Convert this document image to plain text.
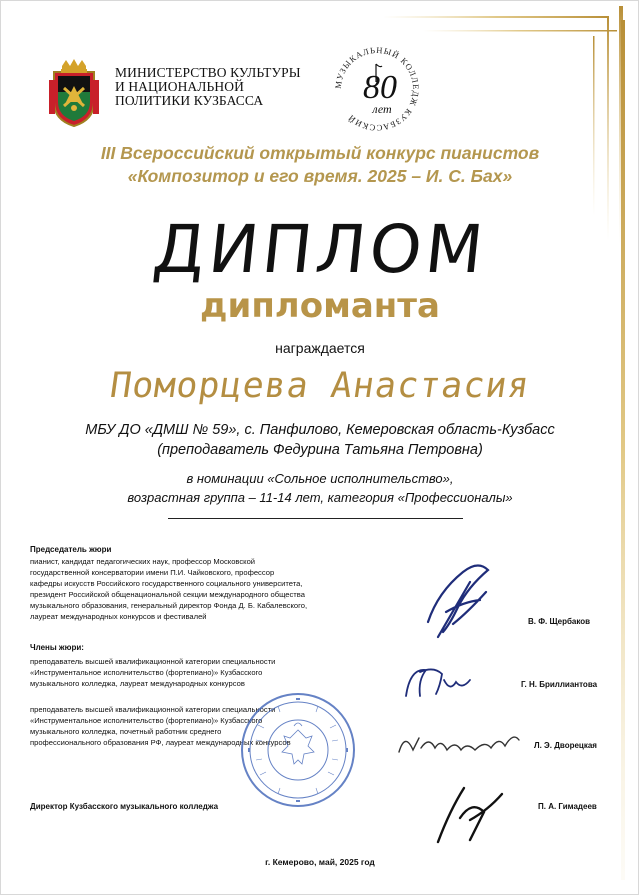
МИНИСТЕРСТВО КУЛЬТУРЫ
И НАЦИОНАЛЬНОЙ
ПОЛИТИКИ КУЗБАССА
МУЗЫКАЛЬНЫЙ КОЛЛЕДЖ КУЗБАССКИЙ
80
лет
III Всероссийский открытый конкурс пианистов
«Композитор и его время. 2025 – И. С. Бах»
ДИПЛОМ
дипломанта
награждается
Поморцева Анастасия
МБУ ДО «ДМШ № 59», с. Панфилово, Кемеровская область-Кузбасс
(преподаватель Федурина Татьяна Петровна)
в номинации «Сольное исполнительство»,
возрастная группа – 11-14 лет, категория «Профессионалы»
Председатель жюри
пианист, кандидат педагогических наук, профессор Московской
государственной консерватории имени П.И. Чайковского, профессор
кафедры искусств Российского государственного социального университета,
президент Российской общенациональной секции международного общества
музыкального образования, генеральный директор Фонда Д. Б. Кабалевского,
лауреат международных конкурсов и фестивалей
В. Ф. Щербаков
Члены жюри:
преподаватель высшей квалификационной категории специальности
«Инструментальное исполнительство (фортепиано)» Кузбасского
музыкального колледжа, лауреат международных конкурсов	Г. Н. Бриллиантова
преподаватель высшей квалификационной категории специальности
«Инструментальное исполнительство (фортепиано)» Кузбасского
музыкального колледжа, почетный работник среднего
профессионального образования РФ, лауреат международных конкурсов	Л. Э. Дворецкая
Директор Кузбасского музыкального колледжа	П. А. Гимадеев
г. Кемерово, май, 2025 год
